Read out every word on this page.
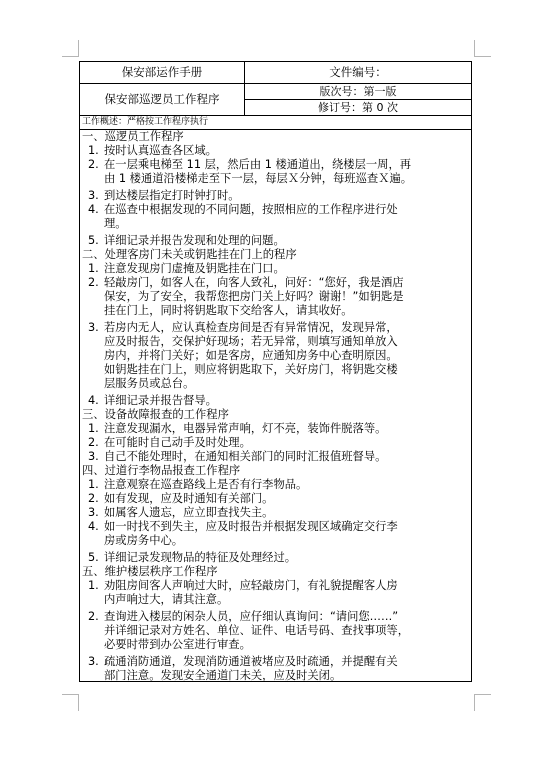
保安部运作手册
保安部巡逻员工作程序
文件编号：
版次号：第一版
修订号：第 0 次
工作概述：严格按工作程序执行
一、巡逻员工作程序
1. 按时认真巡查各区域。
2. 在一层乘电梯至 11 层，然后由 1 楼通道出，绕楼层一周，再
由 1 楼通道沿楼梯走至下一层，每层Ｘ分钟，每班巡查Ｘ遍。
3. 到达楼层指定打时钟打时。
4. 在巡查中根据发现的不同问题，按照相应的工作程序进行处
理。
5. 详细记录并报告发现和处理的问题。
二、处理客房门未关或钥匙挂在门上的程序
1. 注意发现房门虚掩及钥匙挂在门口。
2. 轻敲房门，如客人在，向客人致礼，问好：“您好，我是酒店
保安，为了安全，我帮您把房门关上好吗？谢谢！”如钥匙是
挂在门上，同时将钥匙取下交给客人，请其收好。
3. 若房内无人，应认真检查房间是否有异常情况，发现异常，
应及时报告，交保护好现场；若无异常，则填写通知单放入
房内，并将门关好；如是客房，应通知房务中心查明原因。
如钥匙挂在门上，则应将钥匙取下，关好房门，将钥匙交楼
层服务员或总台。
4. 详细记录并报告督导。
三、设备故障报查的工作程序
1. 注意发现漏水，电器异常声响，灯不亮，装饰件脱落等。
2. 在可能时自己动手及时处理。
3. 自己不能处理时，在通知相关部门的同时汇报值班督导。
四、过道行李物品报查工作程序
1. 注意观察在巡查路线上是否有行李物品。
2. 如有发现，应及时通知有关部门。
3. 如属客人遗忘，应立即查找失主。
4. 如一时找不到失主，应及时报告并根据发现区域确定交行李
房或房务中心。
5. 详细记录发现物品的特征及处理经过。
五、维护楼层秩序工作程序
1. 劝阻房间客人声响过大时，应轻敲房门，有礼貌提醒客人房
内声响过大，请其注意。
2. 查询进入楼层的闲杂人员，应仔细认真询问：“请问您……”
并详细记录对方姓名、单位、证件、电话号码、查找事项等，
必要时带到办公室进行审查。
3. 疏通消防通道，发现消防通道被堵应及时疏通，并提醒有关
部门注意。发现安全通道门未关，应及时关闭。
